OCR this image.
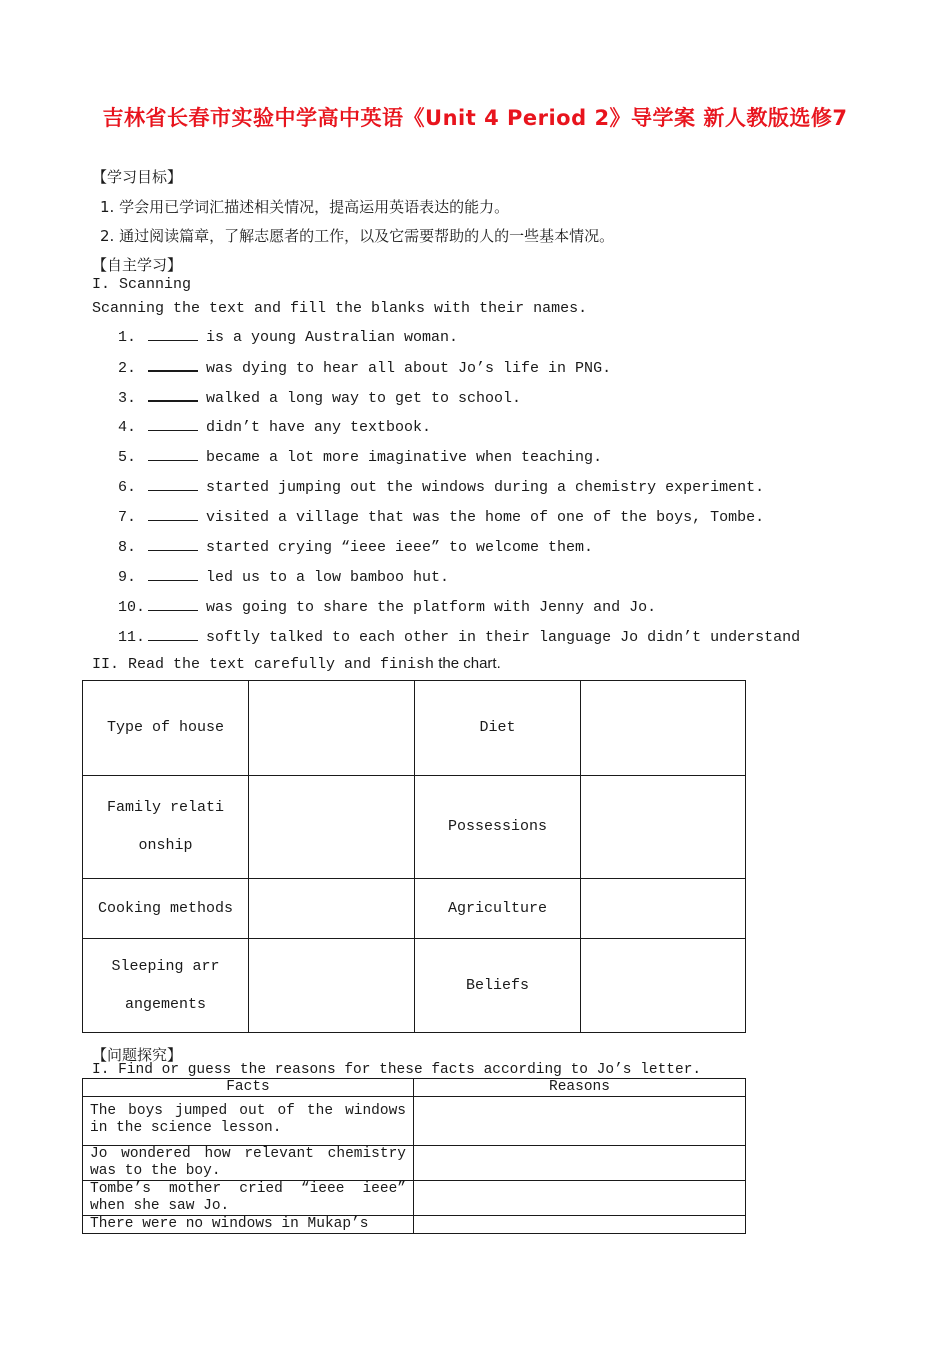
吉林省长春市实验中学高中英语《Unit 4 Period 2》导学案 新人教版选修7
【学习目标】
1. 学会用已学词汇描述相关情况，提高运用英语表达的能力。
2. 通过阅读篇章，了解志愿者的工作，以及它需要帮助的人的一些基本情况。
【自主学习】
I. Scanning
Scanning the text and fill the blanks with their names.
1.	is a young Australian woman.
2.	was dying to hear all about Jo’s life in PNG.
3.	walked a long way to get to school.
4.	didn’t have any textbook.
5.	became a lot more imaginative when teaching.
6.	started jumping out the windows during a chemistry experiment.
7.	visited a village that was the home of one of the boys, Tombe.
8.	started crying “ieee ieee” to welcome them.
9.	led us to a low bamboo hut.
10.	was going to share the platform with Jenny and Jo.
11.	softly talked to each other in their language Jo didn’t understand
II. Read the text carefully and finish the chart.
Type of house		Diet	

Family relati
onship		Possessions	
Cooking methods		Agriculture	

Sleeping arr
angements		Beliefs	
【问题探究】
I. Find or guess the reasons for these facts according to Jo’s letter.
Facts	Reasons
The boys jumped out of the windows in the science lesson.	
Jo wondered how relevant chemistry was to the boy.	
Tombe’s mother cried “ieee ieee” when she saw Jo.	
There were no windows in Mukap’s	
